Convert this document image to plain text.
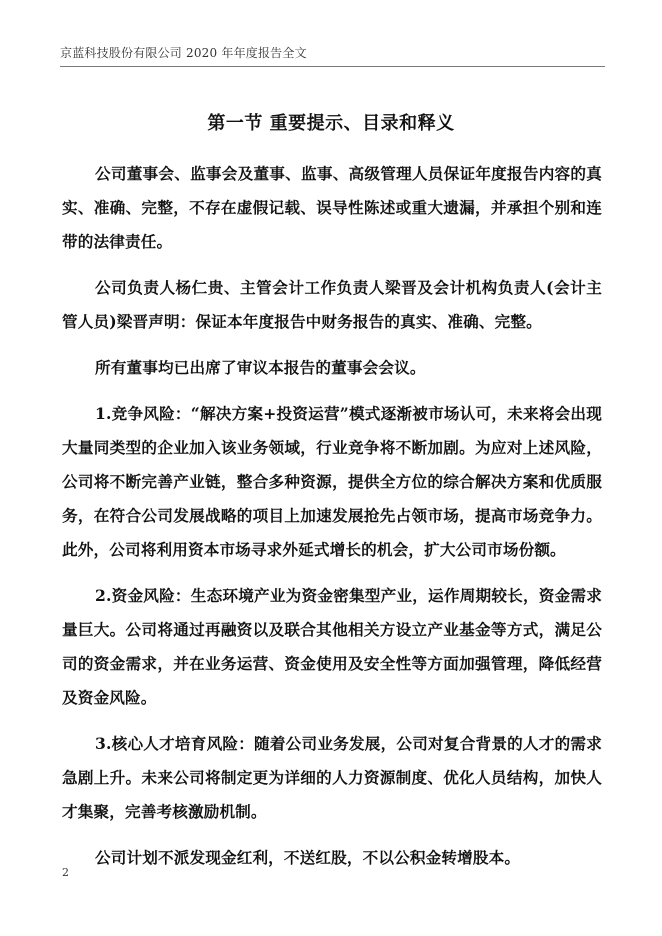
京蓝科技股份有限公司 2020 年年度报告全文
第一节 重要提示、目录和释义

公司董事会、监事会及董事、监事、高级管理人员保证年度报告内容的真实、准确、完整，不存在虚假记载、误导性陈述或重大遗漏，并承担个别和连带的法律责任。

公司负责人杨仁贵、主管会计工作负责人梁晋及会计机构负责人(会计主管人员)梁晋声明：保证本年度报告中财务报告的真实、准确、完整。

所有董事均已出席了审议本报告的董事会会议。

1.竞争风险：“解决方案+投资运营”模式逐渐被市场认可，未来将会出现大量同类型的企业加入该业务领域，行业竞争将不断加剧。为应对上述风险，公司将不断完善产业链，整合多种资源，提供全方位的综合解决方案和优质服务，在符合公司发展战略的项目上加速发展抢先占领市场，提高市场竞争力。此外，公司将利用资本市场寻求外延式增长的机会，扩大公司市场份额。

2.资金风险：生态环境产业为资金密集型产业，运作周期较长，资金需求量巨大。公司将通过再融资以及联合其他相关方设立产业基金等方式，满足公司的资金需求，并在业务运营、资金使用及安全性等方面加强管理，降低经营及资金风险。

3.核心人才培育风险：随着公司业务发展，公司对复合背景的人才的需求急剧上升。未来公司将制定更为详细的人力资源制度、优化人员结构，加快人才集聚，完善考核激励机制。

公司计划不派发现金红利，不送红股，不以公积金转增股本。

2
